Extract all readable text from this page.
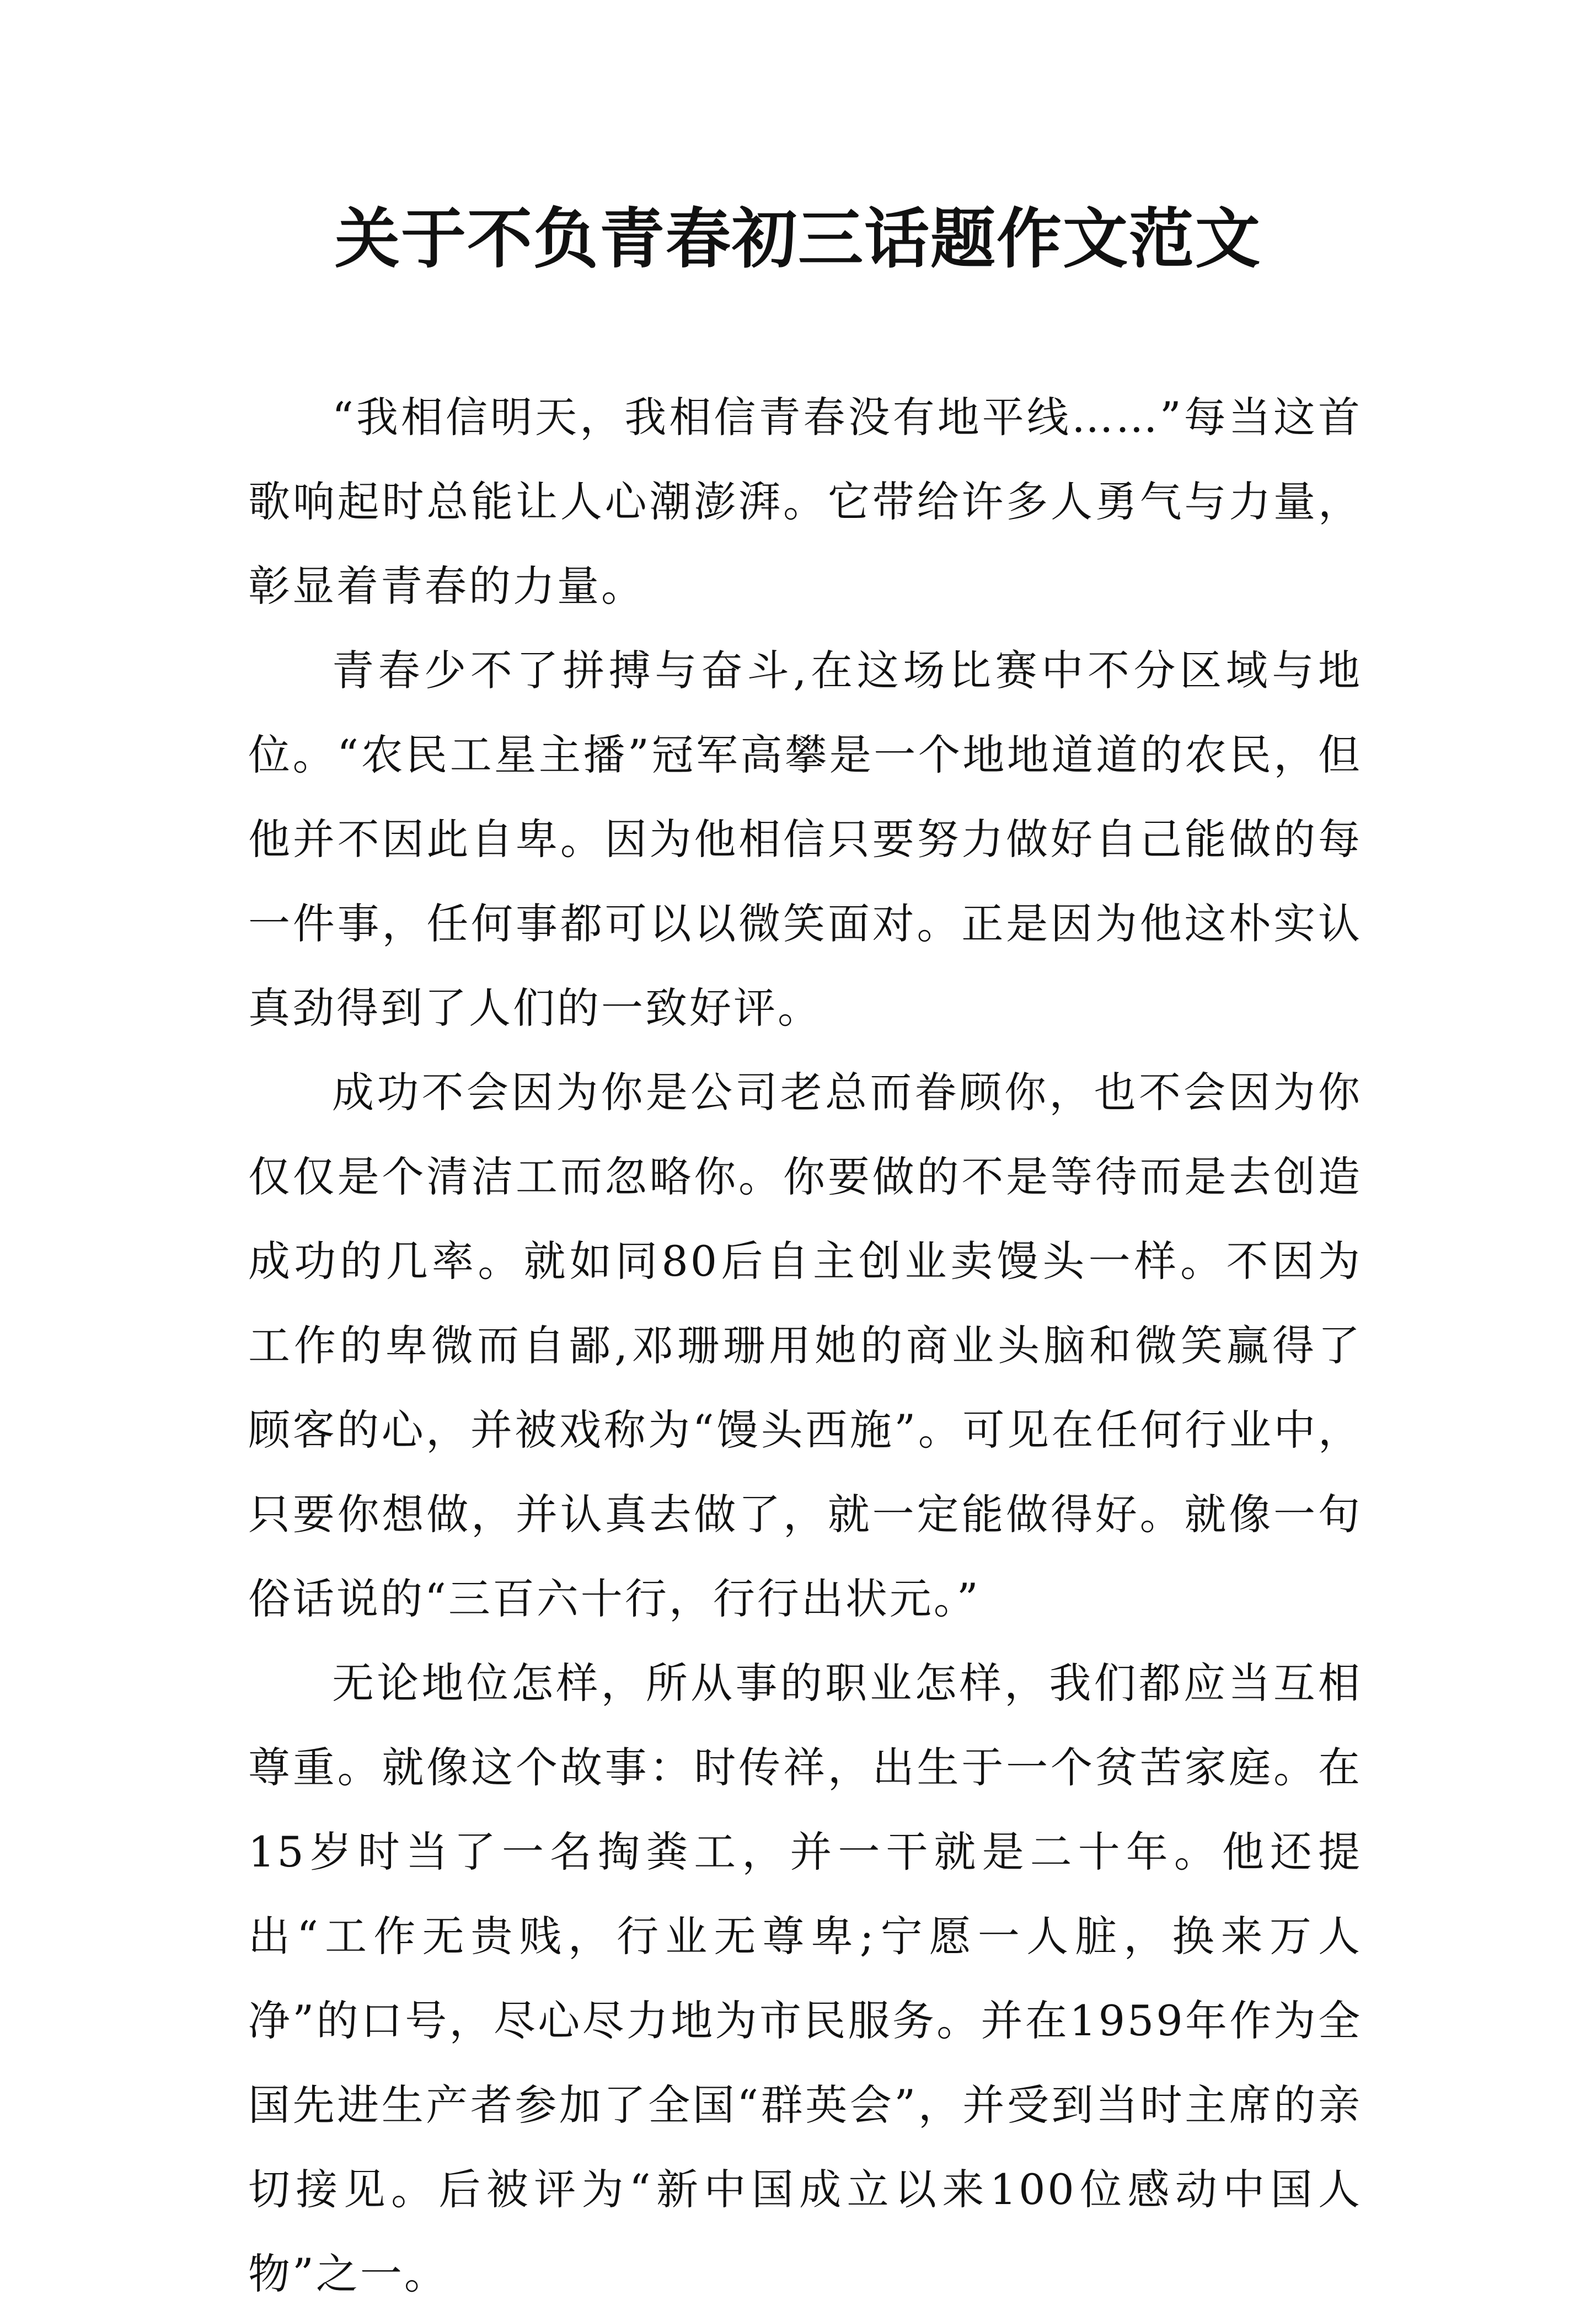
关于不负青春初三话题作文范文

“我相信明天，我相信青春没有地平线……”每当这首歌响起时总能让人心潮澎湃。它带给许多人勇气与力量，彰显着青春的力量。

青春少不了拼搏与奋斗,在这场比赛中不分区域与地位。“农民工星主播”冠军高攀是一个地地道道的农民，但他并不因此自卑。因为他相信只要努力做好自己能做的每一件事，任何事都可以以微笑面对。正是因为他这朴实认真劲得到了人们的一致好评。

成功不会因为你是公司老总而眷顾你，也不会因为你仅仅是个清洁工而忽略你。你要做的不是等待而是去创造成功的几率。就如同80后自主创业卖馒头一样。不因为工作的卑微而自鄙,邓珊珊用她的商业头脑和微笑赢得了顾客的心，并被戏称为“馒头西施”。可见在任何行业中，只要你想做，并认真去做了，就一定能做得好。就像一句俗话说的“三百六十行，行行出状元。”

无论地位怎样，所从事的职业怎样，我们都应当互相尊重。就像这个故事：时传祥，出生于一个贫苦家庭。在15岁时当了一名掏粪工，并一干就是二十年。他还提出“工作无贵贱，行业无尊卑;宁愿一人脏，换来万人净”的口号，尽心尽力地为市民服务。并在1959年作为全国先进生产者参加了全国“群英会”，并受到当时主席的亲切接见。后被评为“新中国成立以来100位感动中国人物”之一。
